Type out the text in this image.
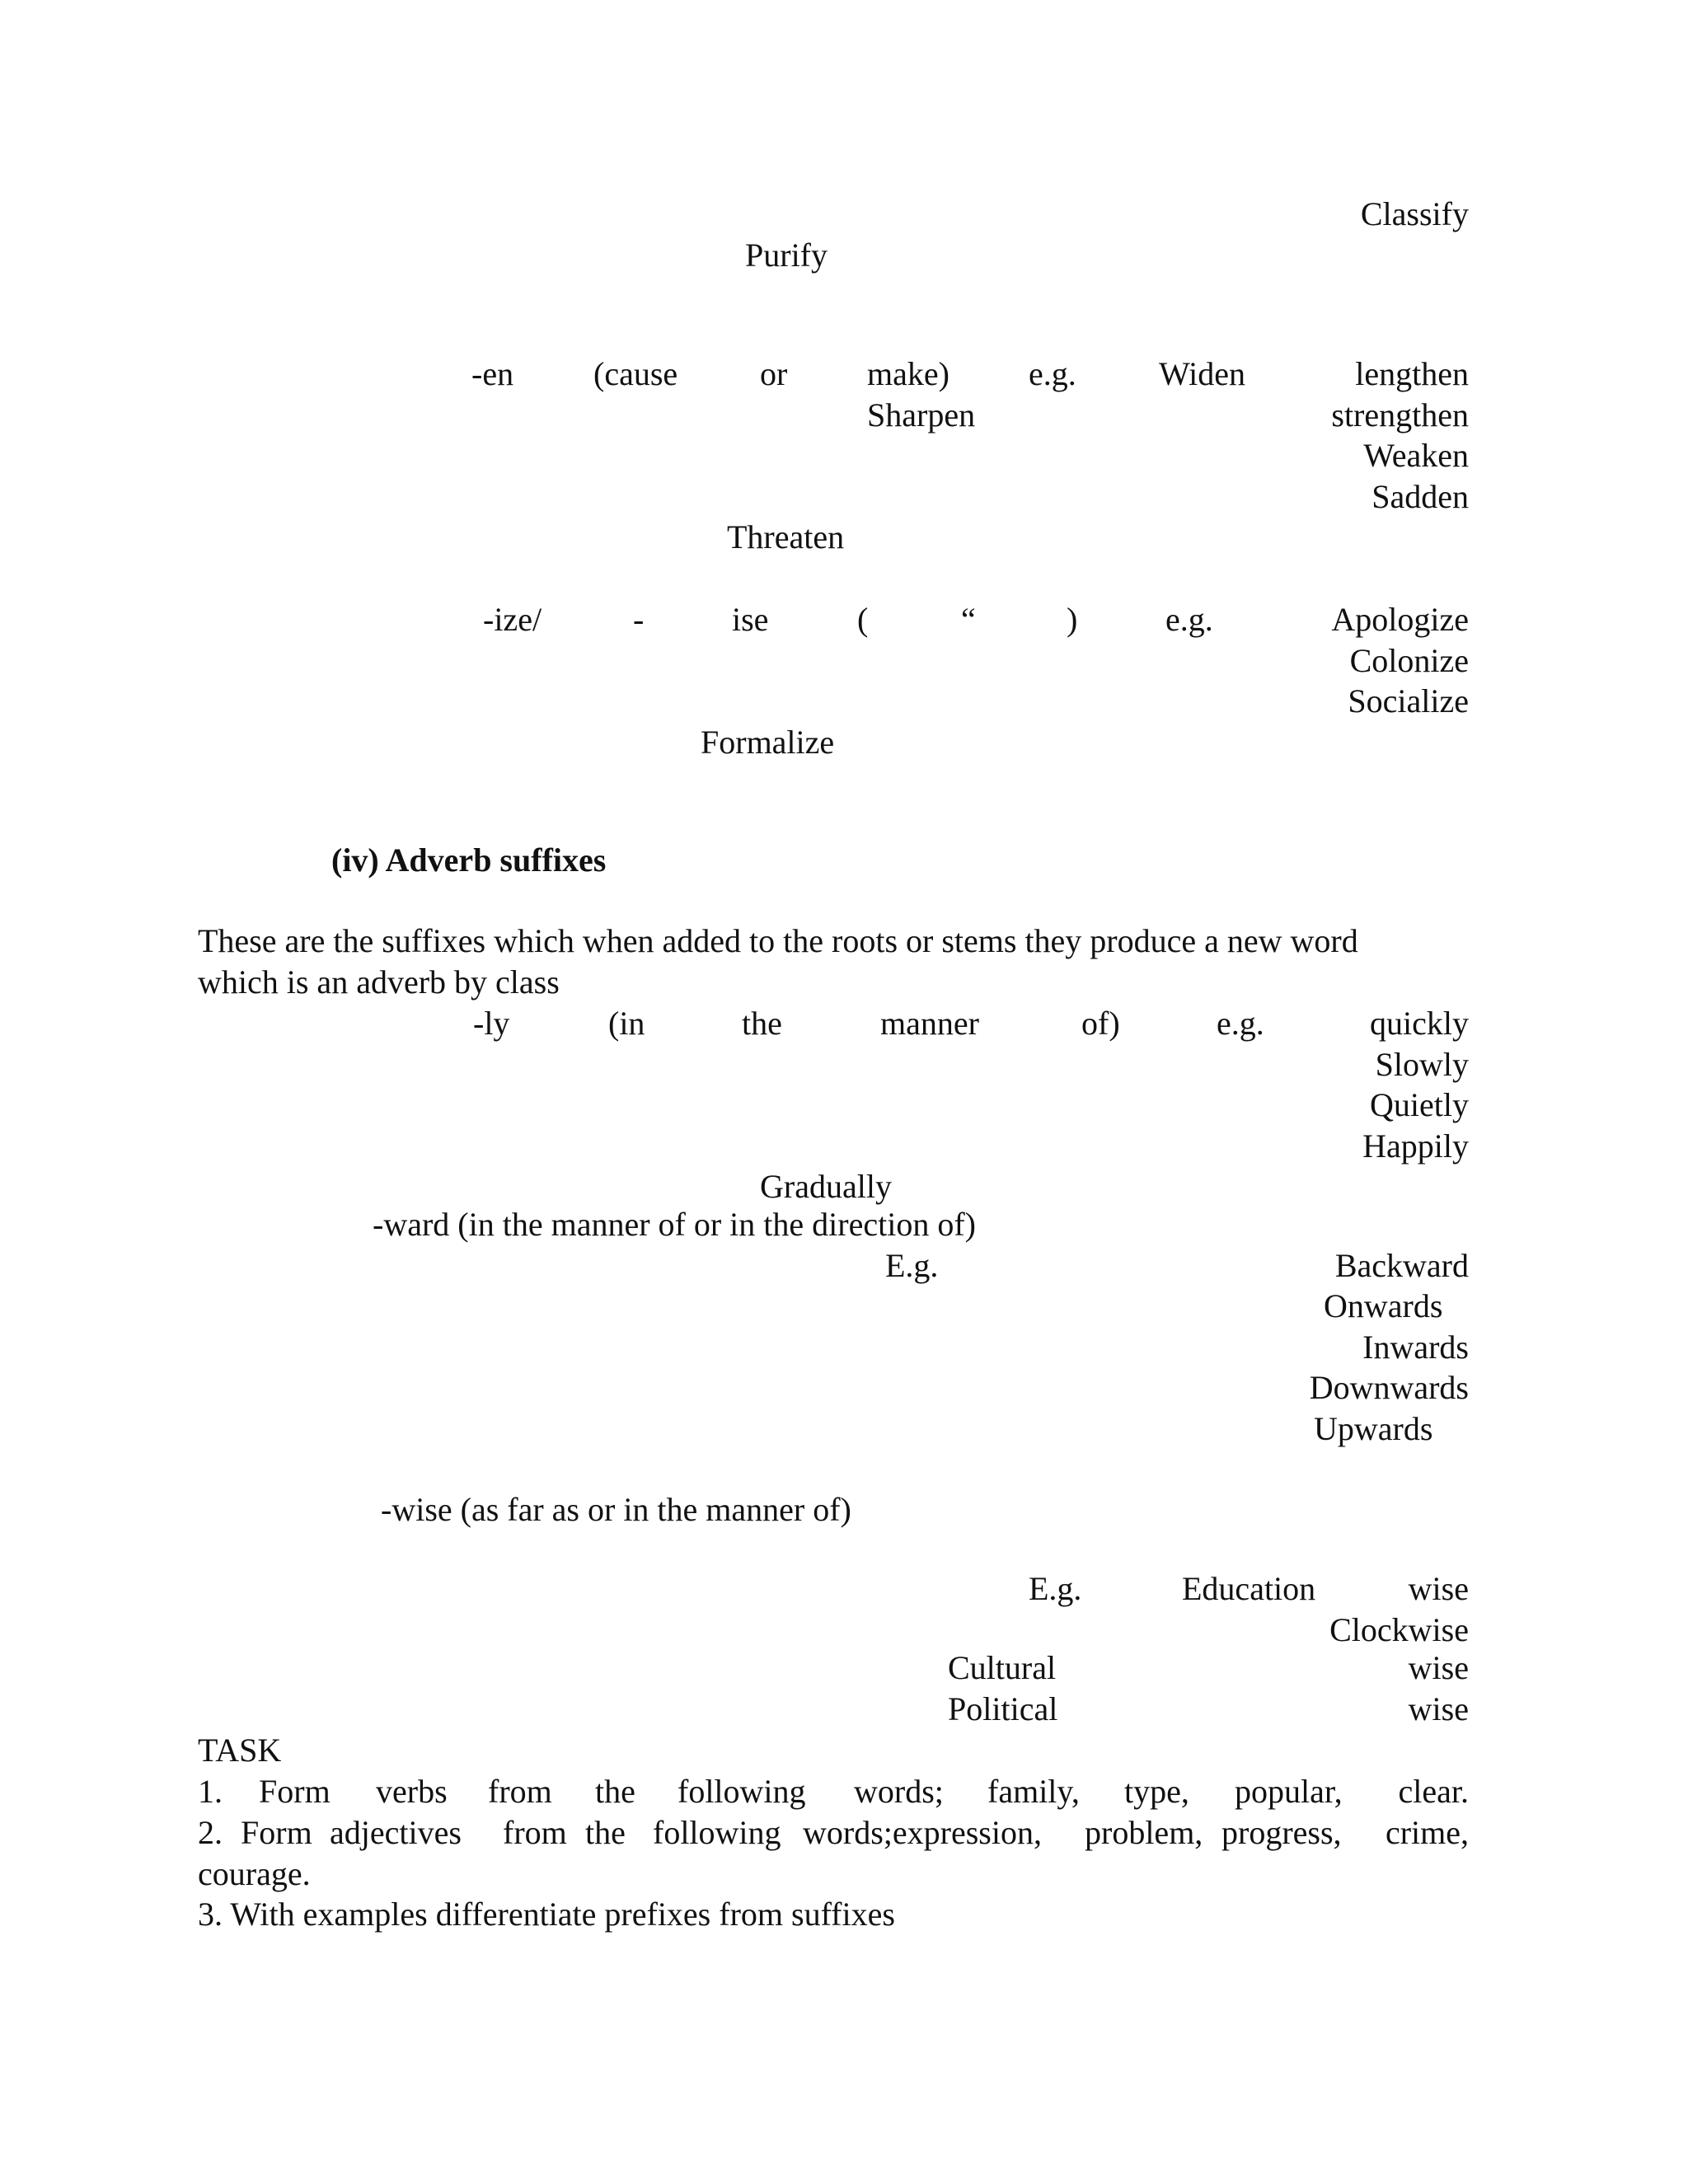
Classify
Purify
-en (cause or make) e.g.	Widen	lengthen
Sharpen	strengthen
Weaken
Sadden
Threaten
-ize/	-	ise	(	“	)	e.g.	Apologize
Colonize
Socialize
Formalize
(iv) Adverb suffixes
These are the suffixes which when added to the roots or stems they produce a new word
which is an adverb by class
-ly	(in	the	manner	of)	e.g.	quickly
Slowly
Quietly
Happily
Gradually
-ward (in the manner of or in the direction of)
E.g.	Backward
Onwards
Inwards
Downwards
Upwards
-wise (as far as or in the manner of)
E.g.	Education	wise
Clockwise
Cultural	wise
Political	wise
TASK
1. Form verbs from the following words; family, type, popular, clear.
2. Form adjectives from the following words;expression, problem, progress, crime,
courage.
3. With examples differentiate prefixes from suffixes
